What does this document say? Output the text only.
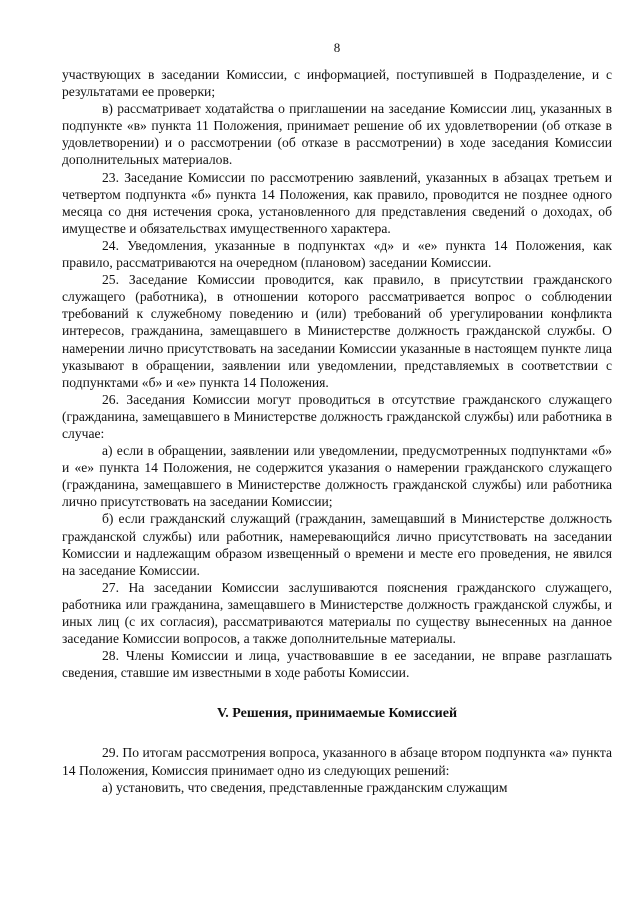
8

участвующих в заседании Комиссии, с информацией, поступившей в Подразделение, и с результатами ее проверки;

в) рассматривает ходатайства о приглашении на заседание Комиссии лиц, указанных в подпункте «в» пункта 11 Положения, принимает решение об их удовлетворении (об отказе в удовлетворении) и о рассмотрении (об отказе в рассмотрении) в ходе заседания Комиссии дополнительных материалов.

23. Заседание Комиссии по рассмотрению заявлений, указанных в абзацах третьем и четвертом подпункта «б» пункта 14 Положения, как правило, проводится не позднее одного месяца со дня истечения срока, установленного для представления сведений о доходах, об имуществе и обязательствах имущественного характера.

24. Уведомления, указанные в подпунктах «д» и «е» пункта 14 Положения, как правило, рассматриваются на очередном (плановом) заседании Комиссии.

25. Заседание Комиссии проводится, как правило, в присутствии гражданского служащего (работника), в отношении которого рассматривается вопрос о соблюдении требований к служебному поведению и (или) требований об урегулировании конфликта интересов, гражданина, замещавшего в Министерстве должность гражданской службы. О намерении лично присутствовать на заседании Комиссии указанные в настоящем пункте лица указывают в обращении, заявлении или уведомлении, представляемых в соответствии с подпунктами «б» и «е» пункта 14 Положения.

26. Заседания Комиссии могут проводиться в отсутствие гражданского служащего (гражданина, замещавшего в Министерстве должность гражданской службы) или работника в случае:

а) если в обращении, заявлении или уведомлении, предусмотренных подпунктами «б» и «е» пункта 14 Положения, не содержится указания о намерении гражданского служащего (гражданина, замещавшего в Министерстве должность гражданской службы) или работника лично присутствовать на заседании Комиссии;

б) если гражданский служащий (гражданин, замещавший в Министерстве должность гражданской службы) или работник, намеревающийся лично присутствовать на заседании Комиссии и надлежащим образом извещенный о времени и месте его проведения, не явился на заседание Комиссии.

27. На заседании Комиссии заслушиваются пояснения гражданского служащего, работника или гражданина, замещавшего в Министерстве должность гражданской службы, и иных лиц (с их согласия), рассматриваются материалы по существу вынесенных на данное заседание Комиссии вопросов, а также дополнительные материалы.

28. Члены Комиссии и лица, участвовавшие в ее заседании, не вправе разглашать сведения, ставшие им известными в ходе работы Комиссии.

V. Решения, принимаемые Комиссией

29. По итогам рассмотрения вопроса, указанного в абзаце втором подпункта «а» пункта 14 Положения, Комиссия принимает одно из следующих решений:

а) установить, что сведения, представленные гражданским служащим
